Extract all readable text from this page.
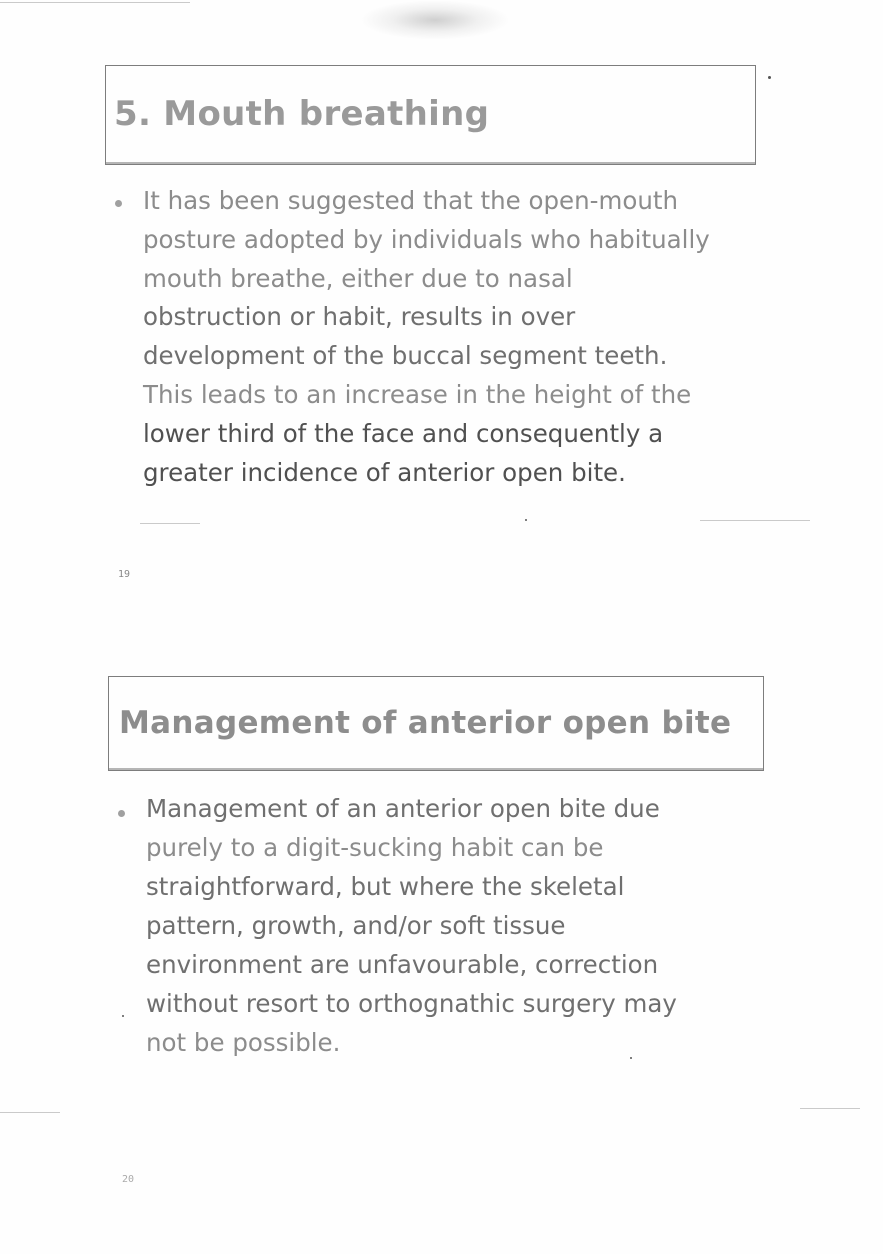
5. Mouth breathing
It has been suggested that the open-mouth
posture adopted by individuals who habitually
mouth breathe, either due to nasal
obstruction or habit, results in over
development of the buccal segment teeth.
This leads to an increase in the height of the
lower third of the face and consequently a
greater incidence of anterior open bite.
19
Management of anterior open bite
Management of an anterior open bite due
purely to a digit-sucking habit can be
straightforward, but where the skeletal
pattern, growth, and/or soft tissue
environment are unfavourable, correction
without resort to orthognathic surgery may
not be possible.
20
